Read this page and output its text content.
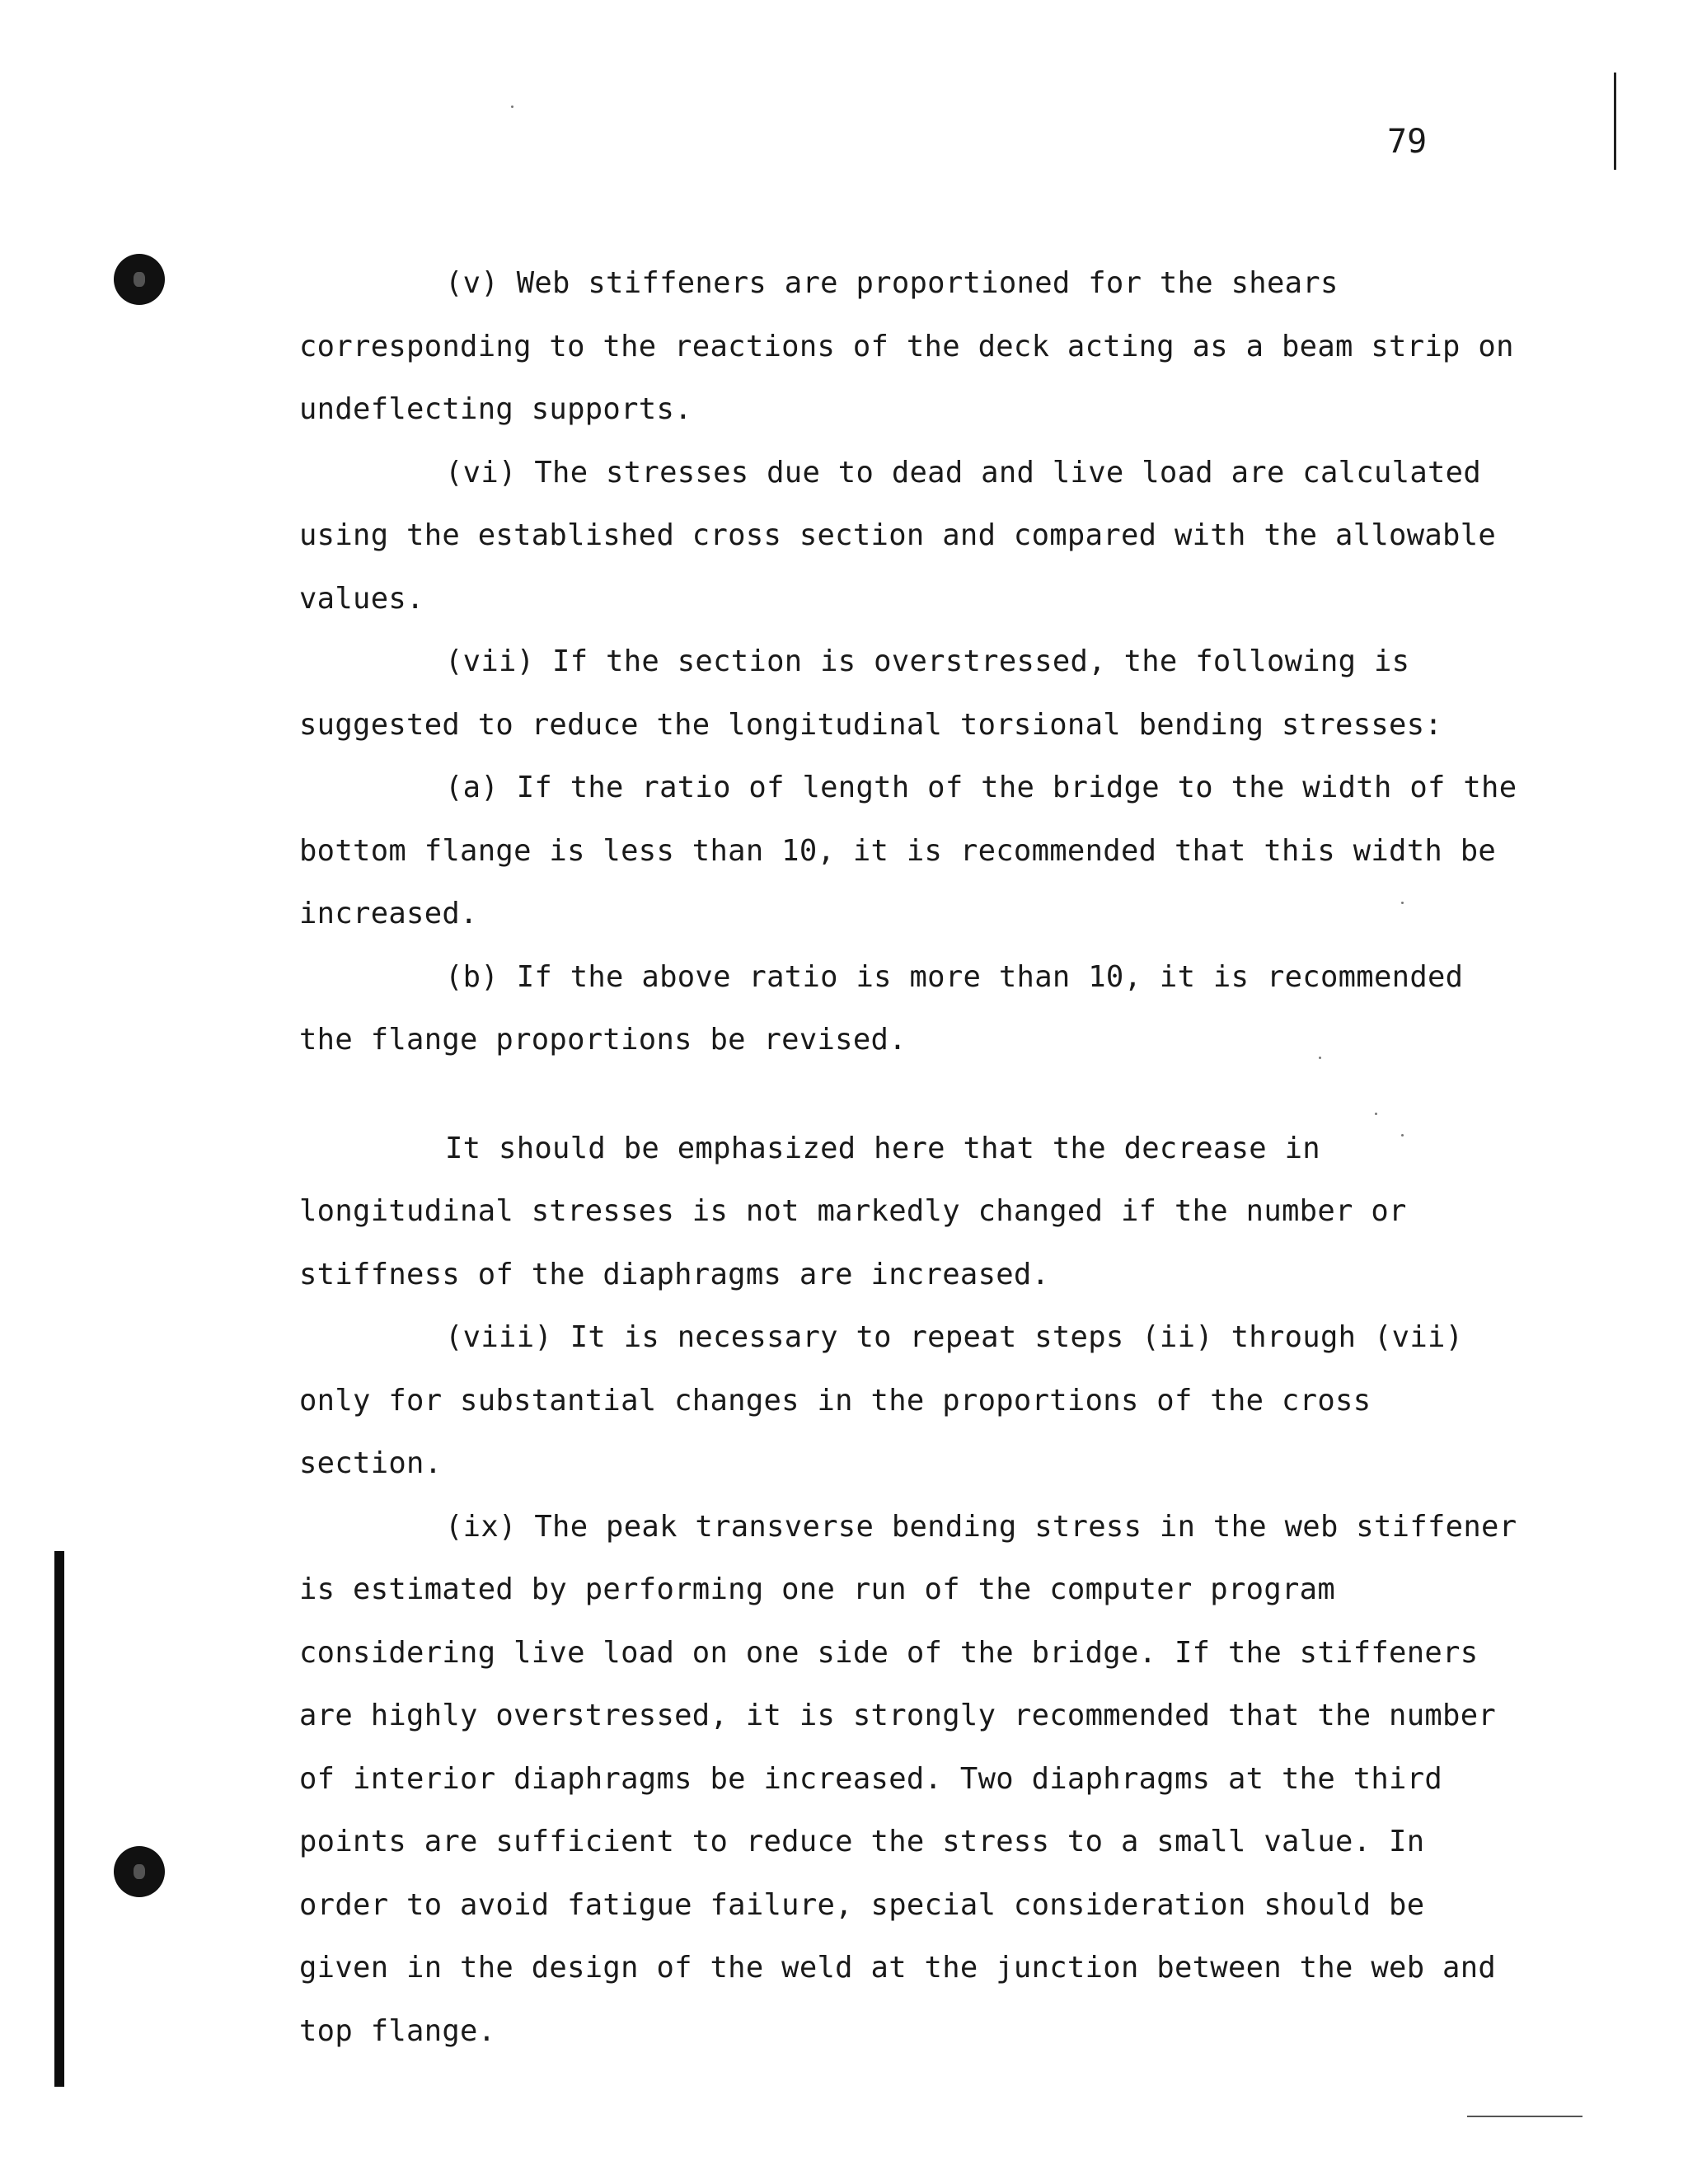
79

(v) Web stiffeners are proportioned for the shears corresponding to the reactions of the deck acting as a beam strip on undeflecting supports.

(vi) The stresses due to dead and live load are calculated using the established cross section and compared with the allowable values.

(vii) If the section is overstressed, the following is suggested to reduce the longitudinal torsional bending stresses:

(a) If the ratio of length of the bridge to the width of the bottom flange is less than 10, it is recommended that this width be increased.

(b) If the above ratio is more than 10, it is recommended the flange proportions be revised.

It should be emphasized here that the decrease in longitudinal stresses is not markedly changed if the number or stiffness of the diaphragms are increased.

(viii) It is necessary to repeat steps (ii) through (vii) only for substantial changes in the proportions of the cross section.

(ix) The peak transverse bending stress in the web stiffener is estimated by performing one run of the computer program considering live load on one side of the bridge. If the stiffeners are highly overstressed, it is strongly recommended that the number of interior diaphragms be increased. Two diaphragms at the third points are sufficient to reduce the stress to a small value. In order to avoid fatigue failure, special consideration should be given in the design of the weld at the junction between the web and top flange.
